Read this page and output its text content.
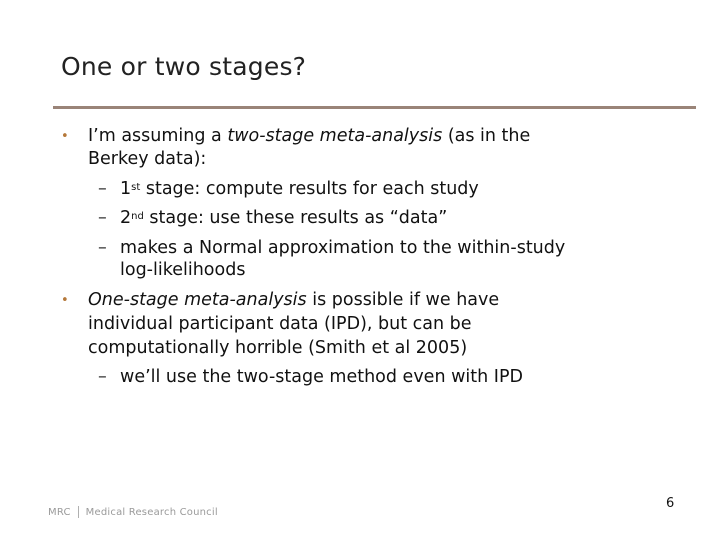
One or two stages?
• I’m assuming a two-stage meta-analysis (as in the
Berkey data):
– 1st stage: compute results for each study
– 2nd stage: use these results as “data”
– makes a Normal approximation to the within-study
log-likelihoods
• One-stage meta-analysis is possible if we have
individual participant data (IPD), but can be
computationally horrible (Smith et al 2005)
– we’ll use the two-stage method even with IPD
MRC Medical Research Council
6
